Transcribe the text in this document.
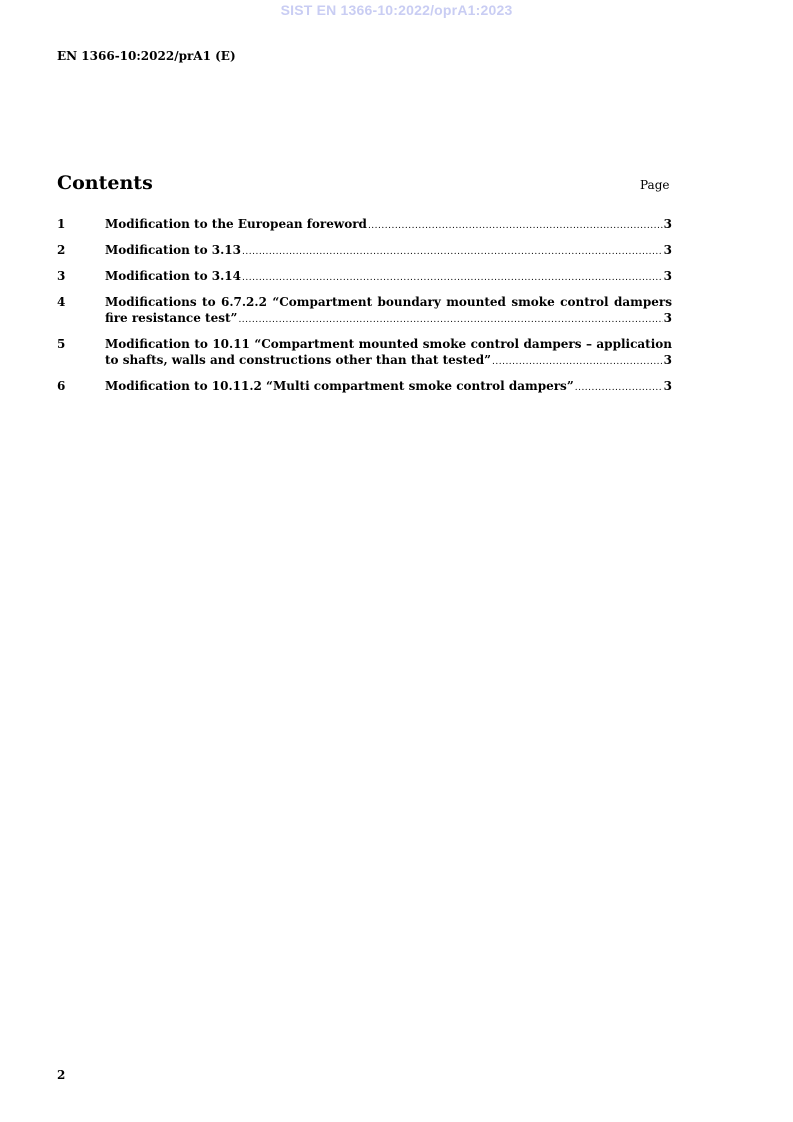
SIST EN 1366-10:2022/oprA1:2023
EN 1366-10:2022/prA1 (E)
Contents	Page
1	Modification to the European foreword .....	3
2	Modification to 3.13 .....	3
3	Modification to 3.14 .....	3
4	Modifications to 6.7.2.2 “Compartment boundary mounted smoke control dampers
fire resistance test” .....	3
5	Modification to 10.11 “Compartment mounted smoke control dampers – application
to shafts, walls and constructions other than that tested” .....	3
6	Modification to 10.11.2 “Multi compartment smoke control dampers” .....	3
2
